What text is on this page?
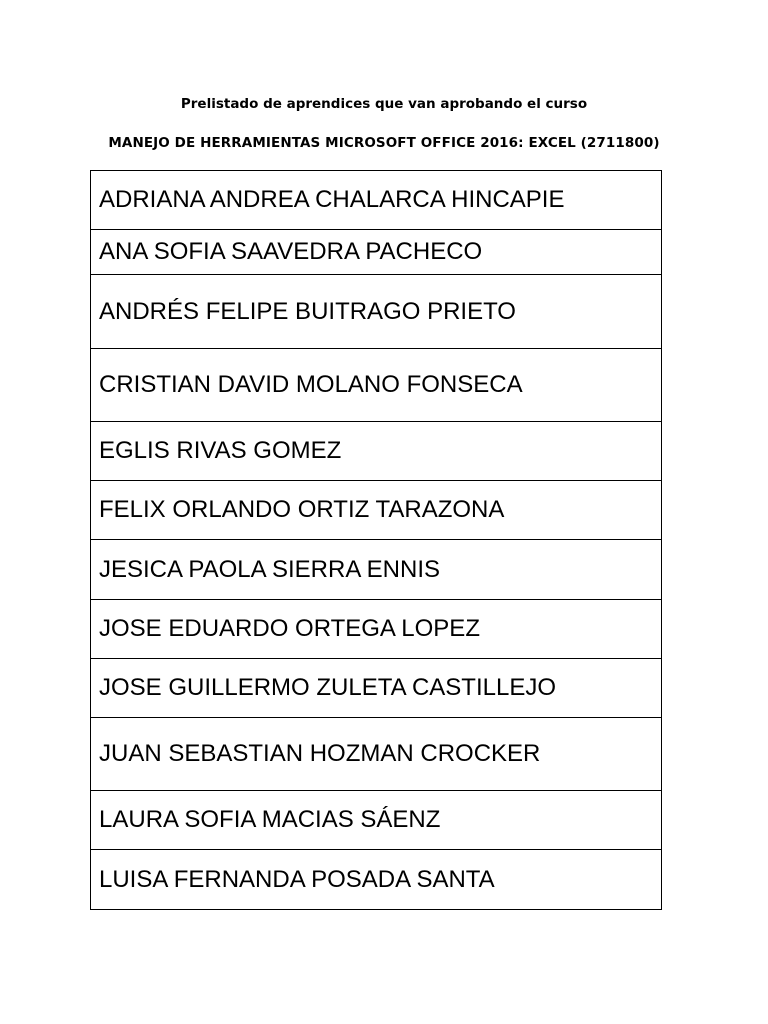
Prelistado de aprendices que van aprobando el curso
MANEJO DE HERRAMIENTAS MICROSOFT OFFICE 2016: EXCEL (2711800)
ADRIANA ANDREA CHALARCA HINCAPIE
ANA SOFIA SAAVEDRA PACHECO
ANDRÉS FELIPE BUITRAGO PRIETO
CRISTIAN DAVID MOLANO FONSECA
EGLIS RIVAS GOMEZ
FELIX ORLANDO ORTIZ TARAZONA
JESICA PAOLA SIERRA ENNIS
JOSE EDUARDO ORTEGA LOPEZ
JOSE GUILLERMO ZULETA CASTILLEJO
JUAN SEBASTIAN HOZMAN CROCKER
LAURA SOFIA MACIAS SÁENZ
LUISA FERNANDA POSADA SANTA
